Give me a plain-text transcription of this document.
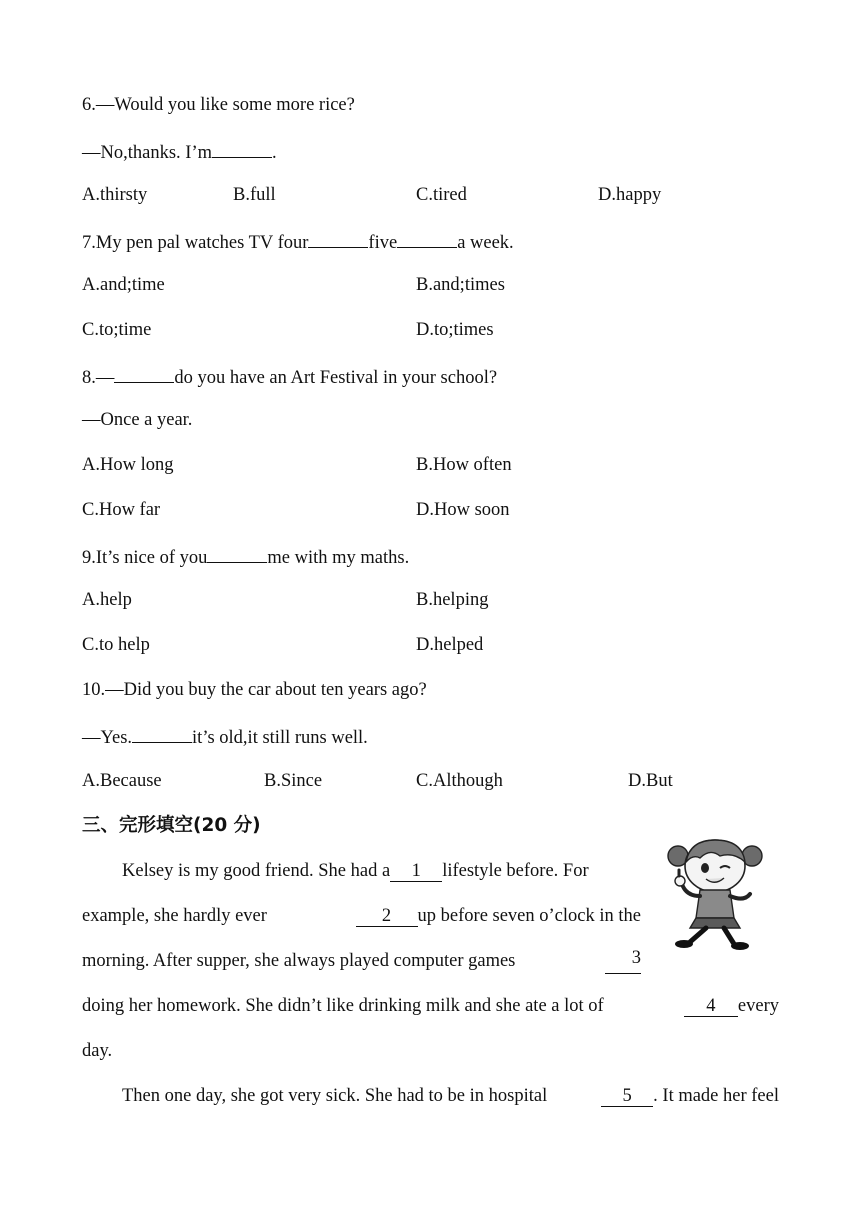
6.—Would you like some more rice?
—No,thanks. I’m	.
A.thirsty	B.full	C.tired	D.happy
7.My pen pal watches TV four	five	a week.
A.and;time	B.and;times
C.to;time	D.to;times
8.—	do you have an Art Festival in your school?
—Once a year.
A.How long	B.How often
C.How far	D.How soon
9.It’s nice of you	me with my maths.
A.help	B.helping
C.to help	D.helped
10.—Did you buy the car about ten years ago?
—Yes.	it’s old,it still runs well.
A.Because	B.Since	C.Although	D.But
三、完形填空(20 分)
Kelsey is my good friend. She had a 1 lifestyle before. For
example, she hardly ever	2 up before seven o’clock in the
morning. After supper, she always played computer games	3
doing her homework. She didn’t like drinking milk and she ate a lot of	4 every
day.
Then one day, she got very sick. She had to be in hospital	5 . It made her feel
